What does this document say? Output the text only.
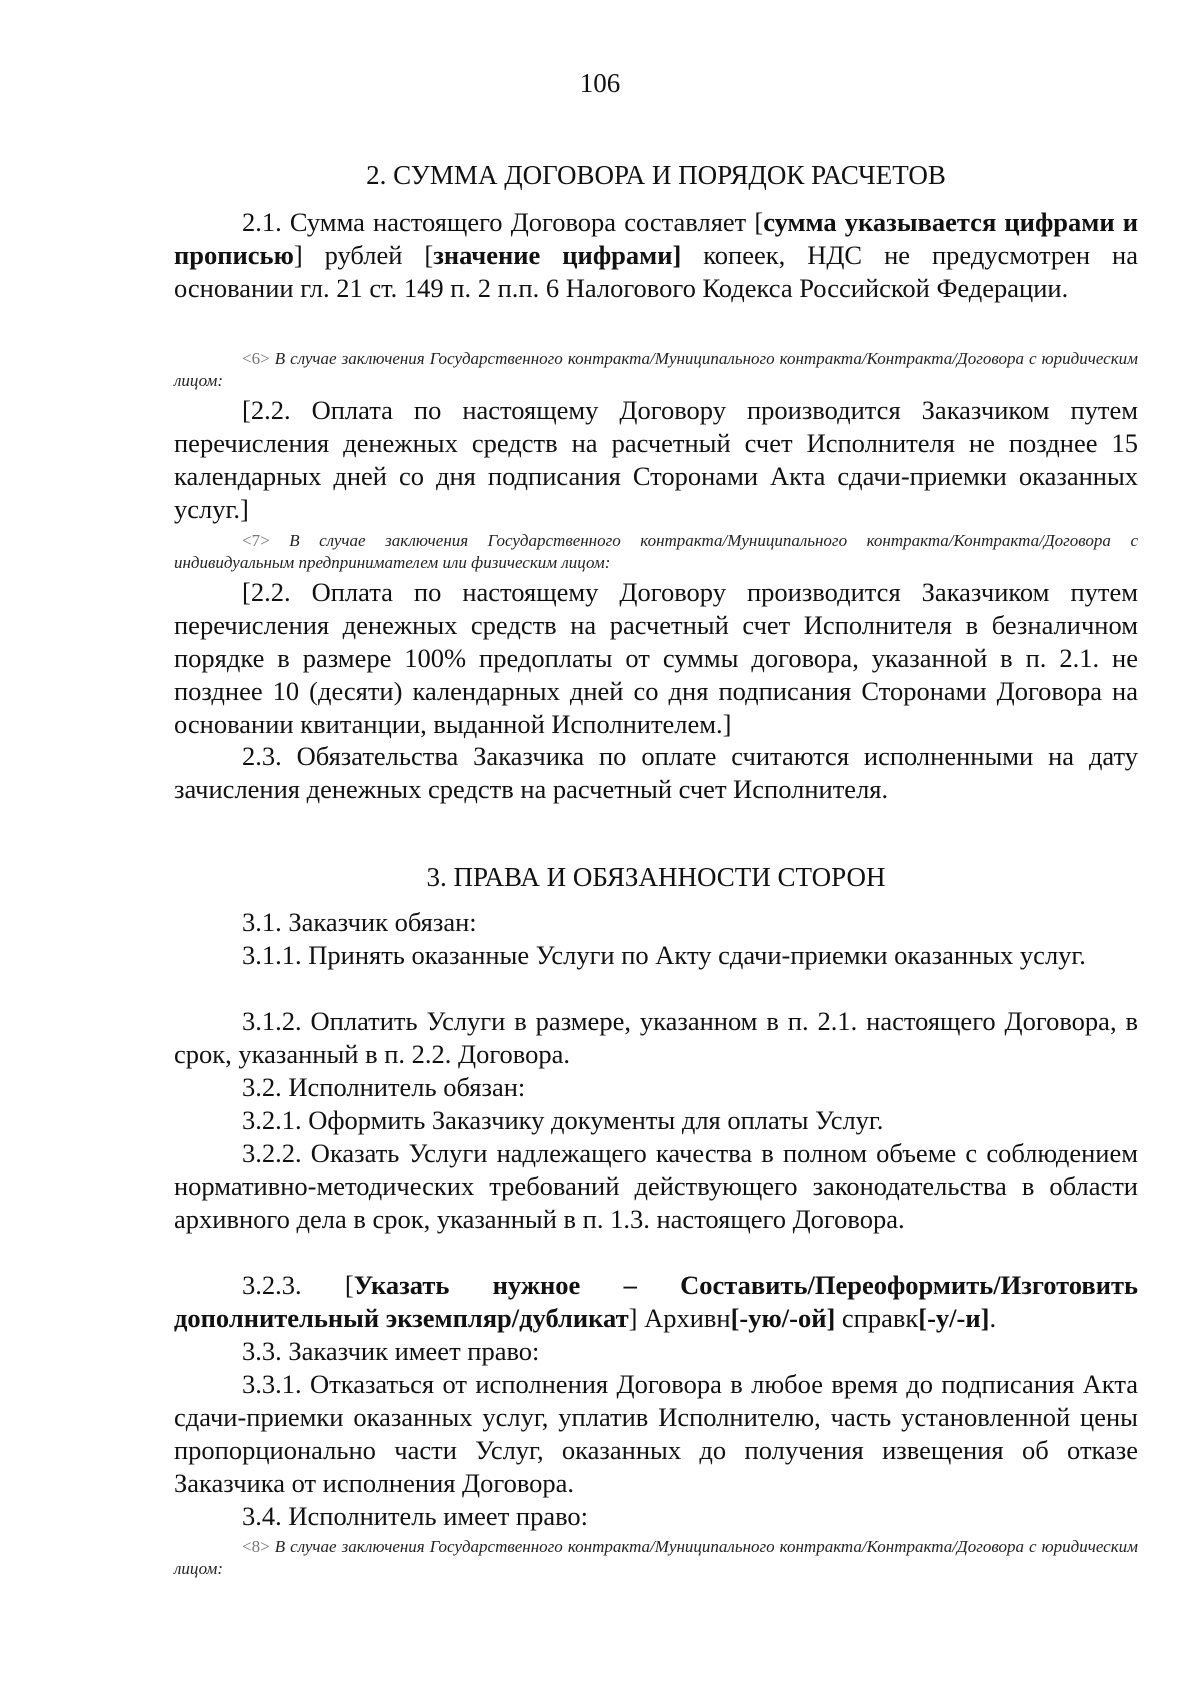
106
2. СУММА ДОГОВОРА И ПОРЯДОК РАСЧЕТОВ
2.1. Сумма настоящего Договора составляет [сумма указывается цифрами и прописью] рублей [значение цифрами] копеек, НДС не предусмотрен на основании гл. 21 ст. 149 п. 2 п.п. 6 Налогового Кодекса Российской Федерации.
<6> В случае заключения Государственного контракта/Муниципального контракта/Контракта/Договора с юридическим лицом:
[2.2. Оплата по настоящему Договору производится Заказчиком путем перечисления денежных средств на расчетный счет Исполнителя не позднее 15 календарных дней со дня подписания Сторонами Акта сдачи-приемки оказанных услуг.]
<7> В случае заключения Государственного контракта/Муниципального контракта/Контракта/Договора с индивидуальным предпринимателем или физическим лицом:
[2.2. Оплата по настоящему Договору производится Заказчиком путем перечисления денежных средств на расчетный счет Исполнителя в безналичном порядке в размере 100% предоплаты от суммы договора, указанной в п. 2.1. не позднее 10 (десяти) календарных дней со дня подписания Сторонами Договора на основании квитанции, выданной Исполнителем.]
2.3. Обязательства Заказчика по оплате считаются исполненными на дату зачисления денежных средств на расчетный счет Исполнителя.
3. ПРАВА И ОБЯЗАННОСТИ СТОРОН
3.1. Заказчик обязан:
3.1.1. Принять оказанные Услуги по Акту сдачи-приемки оказанных услуг.
3.1.2. Оплатить Услуги в размере, указанном в п. 2.1. настоящего Договора, в срок, указанный в п. 2.2. Договора.
3.2. Исполнитель обязан:
3.2.1. Оформить Заказчику документы для оплаты Услуг.
3.2.2. Оказать Услуги надлежащего качества в полном объеме с соблюдением нормативно-методических требований действующего законодательства в области архивного дела в срок, указанный в п. 1.3. настоящего Договора.
3.2.3. [Указать нужное – Составить/Переоформить/Изготовить дополнительный экземпляр/дубликат] Архивн[-ую/-ой] справк[-у/-и].
3.3. Заказчик имеет право:
3.3.1. Отказаться от исполнения Договора в любое время до подписания Акта сдачи-приемки оказанных услуг, уплатив Исполнителю, часть установленной цены пропорционально части Услуг, оказанных до получения извещения об отказе Заказчика от исполнения Договора.
3.4. Исполнитель имеет право:
<8> В случае заключения Государственного контракта/Муниципального контракта/Контракта/Договора с юридическим лицом:
